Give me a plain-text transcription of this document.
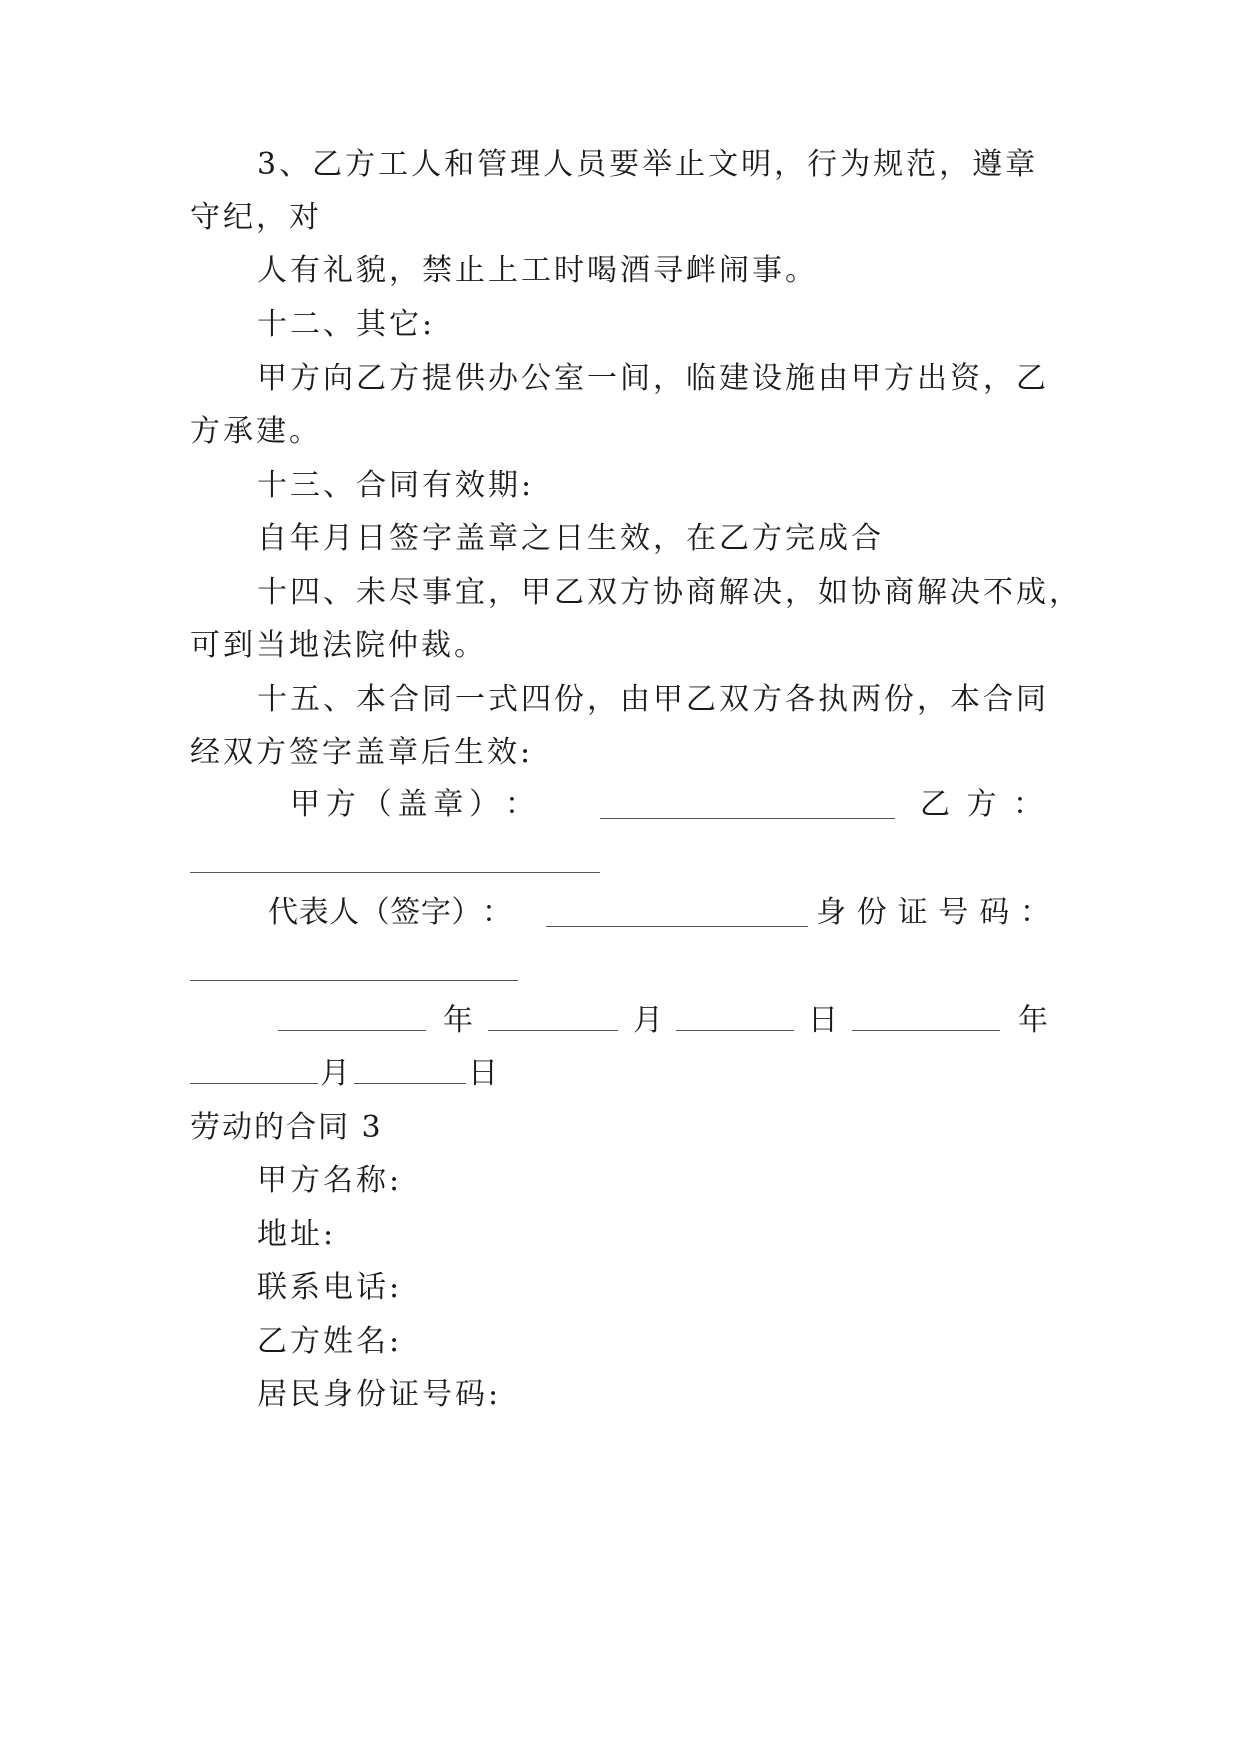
3、乙方工人和管理人员要举止文明，行为规范，遵章
守纪，对
人有礼貌，禁止上工时喝酒寻衅闹事。
十二、其它:
甲方向乙方提供办公室一间，临建设施由甲方出资，乙
方承建。
十三、合同有效期:
自年月日签字盖章之日生效，在乙方完成合
十四、未尽事宜，甲乙双方协商解决，如协商解决不成，
可到当地法院仲裁。
十五、本合同一式四份，由甲乙双方各执两份，本合同
经双方签字盖章后生效:
甲 方 （ 盖 章 ） ：	乙 方 ：
代 表 人 （ 签 字 ） ：	身 份 证 号 码 ：
年	月	日	年
月	日
劳动的合同 3
甲方名称:
地址:
联系电话:
乙方姓名:
居民身份证号码:
